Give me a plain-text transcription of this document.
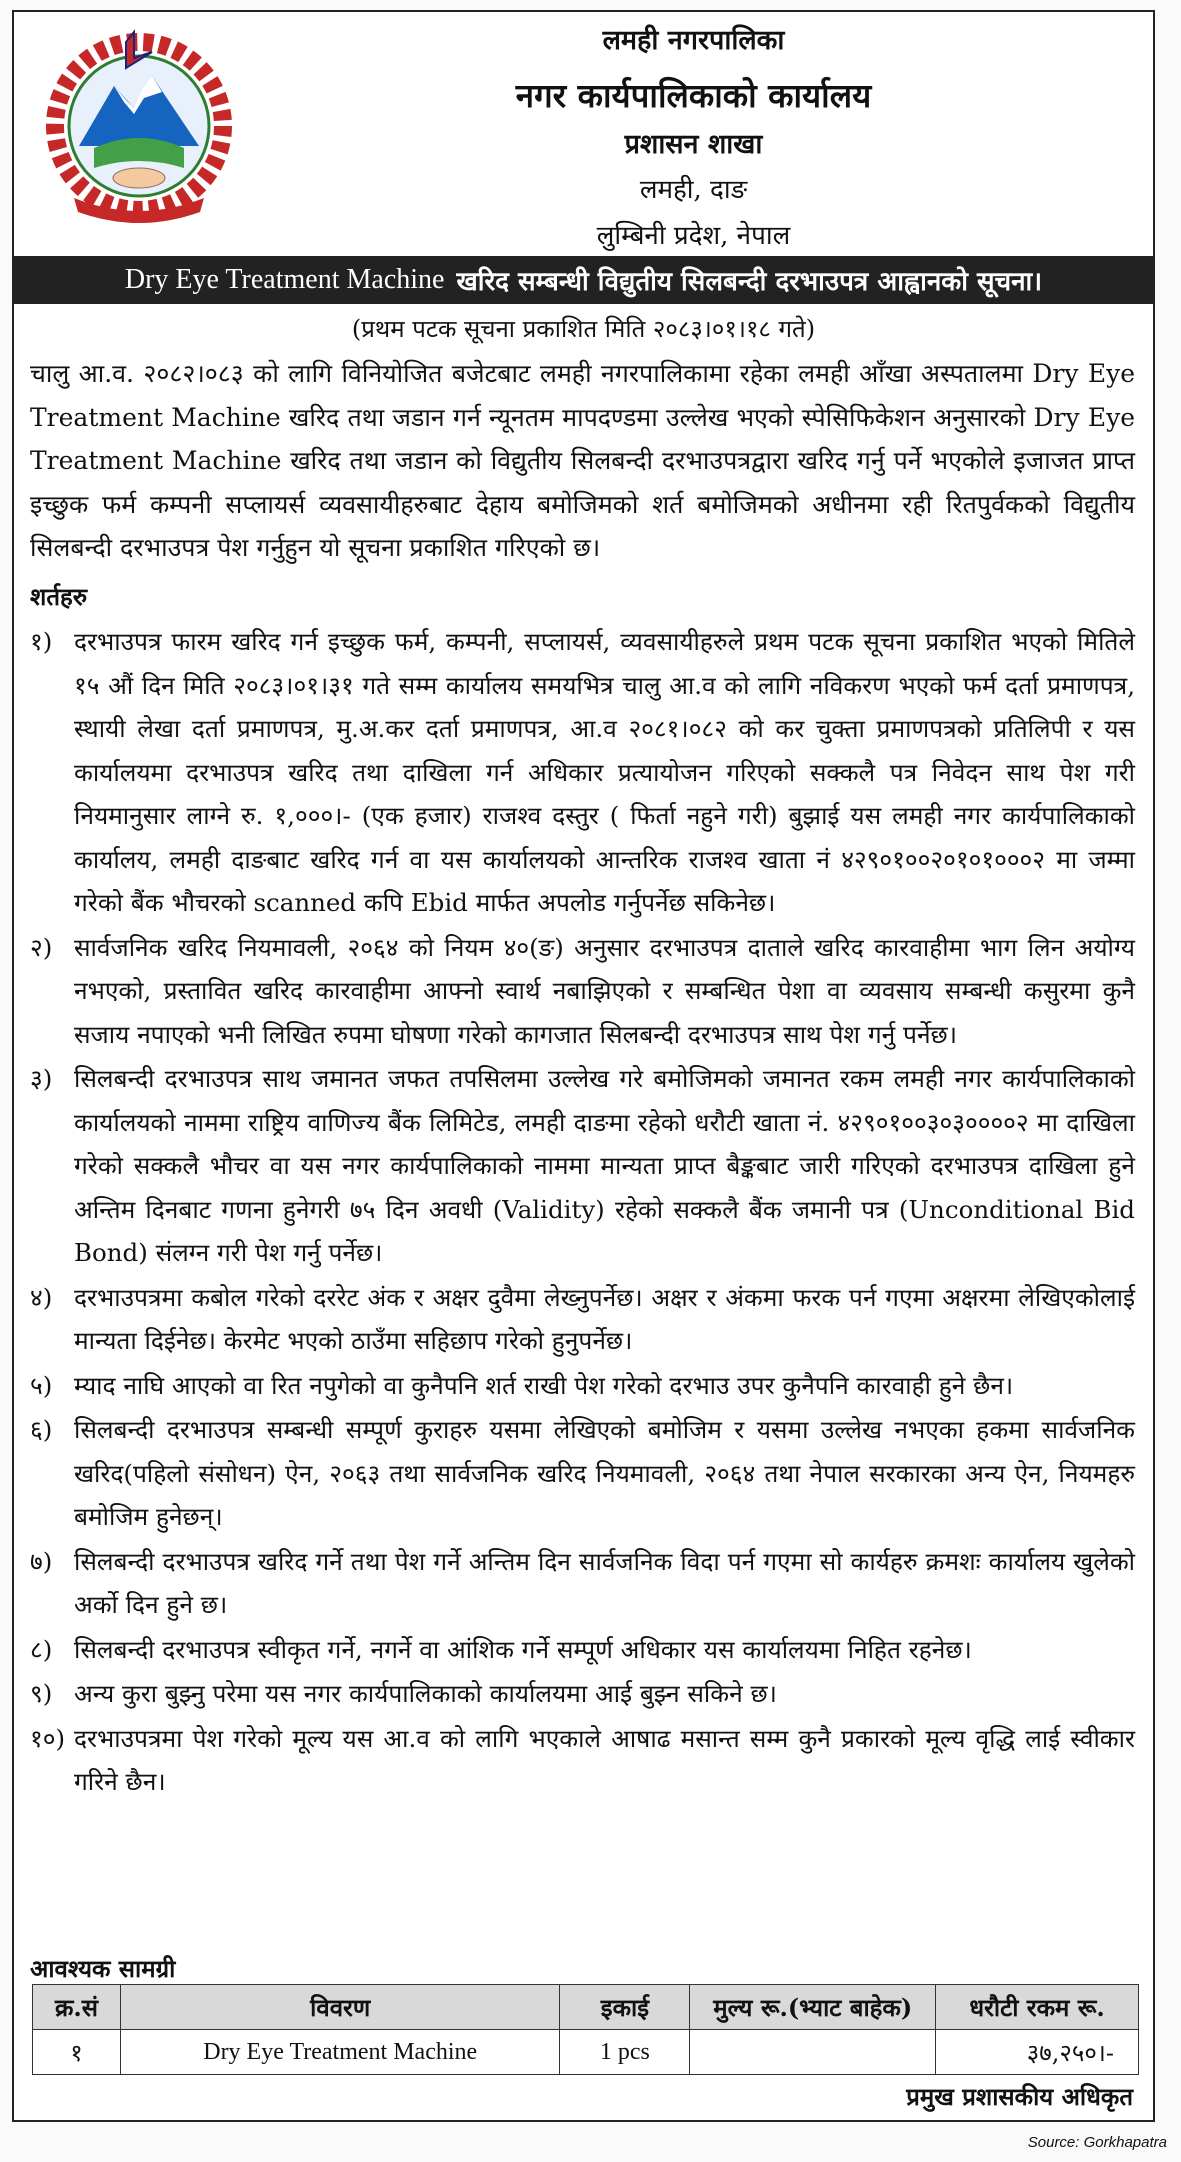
लमही नगरपालिका
नगर कार्यपालिकाको कार्यालय
प्रशासन शाखा
लमही, दाङ
लुम्बिनी प्रदेश, नेपाल
Dry Eye Treatment Machine खरिद सम्बन्धी विद्युतीय सिलबन्दी दरभाउपत्र आह्वानको सूचना।
(प्रथम पटक सूचना प्रकाशित मिति २०८३।०१।१८ गते)
चालु आ.व. २०८२।०८३ को लागि विनियोजित बजेटबाट लमही नगरपालिकामा रहेका लमही आँखा अस्पतालमा Dry Eye Treatment Machine खरिद तथा जडान गर्न न्यूनतम मापदण्डमा उल्लेख भएको स्पेसिफिकेशन अनुसारको Dry Eye Treatment Machine खरिद तथा जडान को विद्युतीय सिलबन्दी दरभाउपत्रद्वारा खरिद गर्नु पर्ने भएकोले इजाजत प्राप्त इच्छुक फर्म कम्पनी सप्लायर्स व्यवसायीहरुबाट देहाय बमोजिमको शर्त बमोजिमको अधीनमा रही रितपुर्वकको विद्युतीय सिलबन्दी दरभाउपत्र पेश गर्नुहुन यो सूचना प्रकाशित गरिएको छ।
शर्तहरु
१) दरभाउपत्र फारम खरिद गर्न इच्छुक फर्म, कम्पनी, सप्लायर्स, व्यवसायीहरुले प्रथम पटक सूचना प्रकाशित भएको मितिले १५ औं दिन मिति २०८३।०१।३१ गते सम्म कार्यालय समयभित्र चालु आ.व को लागि नविकरण भएको फर्म दर्ता प्रमाणपत्र, स्थायी लेखा दर्ता प्रमाणपत्र, मु.अ.कर दर्ता प्रमाणपत्र, आ.व २०८१।०८२ को कर चुक्ता प्रमाणपत्रको प्रतिलिपी र यस कार्यालयमा दरभाउपत्र खरिद तथा दाखिला गर्न अधिकार प्रत्यायोजन गरिएको सक्कलै पत्र निवेदन साथ पेश गरी नियमानुसार लाग्ने रु. १,०००।- (एक हजार) राजश्व दस्तुर ( फिर्ता नहुने गरी) बुझाई यस लमही नगर कार्यपालिकाको कार्यालय, लमही दाङबाट खरिद गर्न वा यस कार्यालयको आन्तरिक राजश्व खाता नं ४२९०१००२०१०१०००२ मा जम्मा गरेको बैंक भौचरको scanned कपि Ebid मार्फत अपलोड गर्नुपर्नेछ सकिनेछ।
२) सार्वजनिक खरिद नियमावली, २०६४ को नियम ४०(ङ) अनुसार दरभाउपत्र दाताले खरिद कारवाहीमा भाग लिन अयोग्य नभएको, प्रस्तावित खरिद कारवाहीमा आफ्नो स्वार्थ नबाझिएको र सम्बन्धित पेशा वा व्यवसाय सम्बन्धी कसुरमा कुनै सजाय नपाएको भनी लिखित रुपमा घोषणा गरेको कागजात सिलबन्दी दरभाउपत्र साथ पेश गर्नु पर्नेछ।
३) सिलबन्दी दरभाउपत्र साथ जमानत जफत तपसिलमा उल्लेख गरे बमोजिमको जमानत रकम लमही नगर कार्यपालिकाको कार्यालयको नाममा राष्ट्रिय वाणिज्य बैंक लिमिटेड, लमही दाङमा रहेको धरौटी खाता नं. ४२९०१००३०३००००२ मा दाखिला गरेको सक्कलै भौचर वा यस नगर कार्यपालिकाको नाममा मान्यता प्राप्त बैङ्कबाट जारी गरिएको दरभाउपत्र दाखिला हुने अन्तिम दिनबाट गणना हुनेगरी ७५ दिन अवधी (Validity) रहेको सक्कलै बैंक जमानी पत्र (Unconditional Bid Bond) संलग्न गरी पेश गर्नु पर्नेछ।
४) दरभाउपत्रमा कबोल गरेको दररेट अंक र अक्षर दुवैमा लेख्नुपर्नेछ। अक्षर र अंकमा फरक पर्न गएमा अक्षरमा लेखिएकोलाई मान्यता दिईनेछ। केरमेट भएको ठाउँमा सहिछाप गरेको हुनुपर्नेछ।
५) म्याद नाघि आएको वा रित नपुगेको वा कुनैपनि शर्त राखी पेश गरेको दरभाउ उपर कुनैपनि कारवाही हुने छैन।
६) सिलबन्दी दरभाउपत्र सम्बन्धी सम्पूर्ण कुराहरु यसमा लेखिएको बमोजिम र यसमा उल्लेख नभएका हकमा सार्वजनिक खरिद(पहिलो संसोधन) ऐन, २०६३ तथा सार्वजनिक खरिद नियमावली, २०६४ तथा नेपाल सरकारका अन्य ऐन, नियमहरु बमोजिम हुनेछन्।
७) सिलबन्दी दरभाउपत्र खरिद गर्ने तथा पेश गर्ने अन्तिम दिन सार्वजनिक विदा पर्न गएमा सो कार्यहरु क्रमशः कार्यालय खुलेको अर्को दिन हुने छ।
८) सिलबन्दी दरभाउपत्र स्वीकृत गर्ने, नगर्ने वा आंशिक गर्ने सम्पूर्ण अधिकार यस कार्यालयमा निहित रहनेछ।
९) अन्य कुरा बुझ्नु परेमा यस नगर कार्यपालिकाको कार्यालयमा आई बुझ्न सकिने छ।
१०) दरभाउपत्रमा पेश गरेको मूल्य यस आ.व को लागि भएकाले आषाढ मसान्त सम्म कुनै प्रकारको मूल्य वृद्धि लाई स्वीकार गरिने छैन।
आवश्यक सामग्री
क्र.सं	विवरण	इकाई	मुल्य रू.(भ्याट बाहेक)	धरौटी रकम रू.
१	Dry Eye Treatment Machine	1 pcs		३७,२५०।-
प्रमुख प्रशासकीय अधिकृत
Source: Gorkhapatra
